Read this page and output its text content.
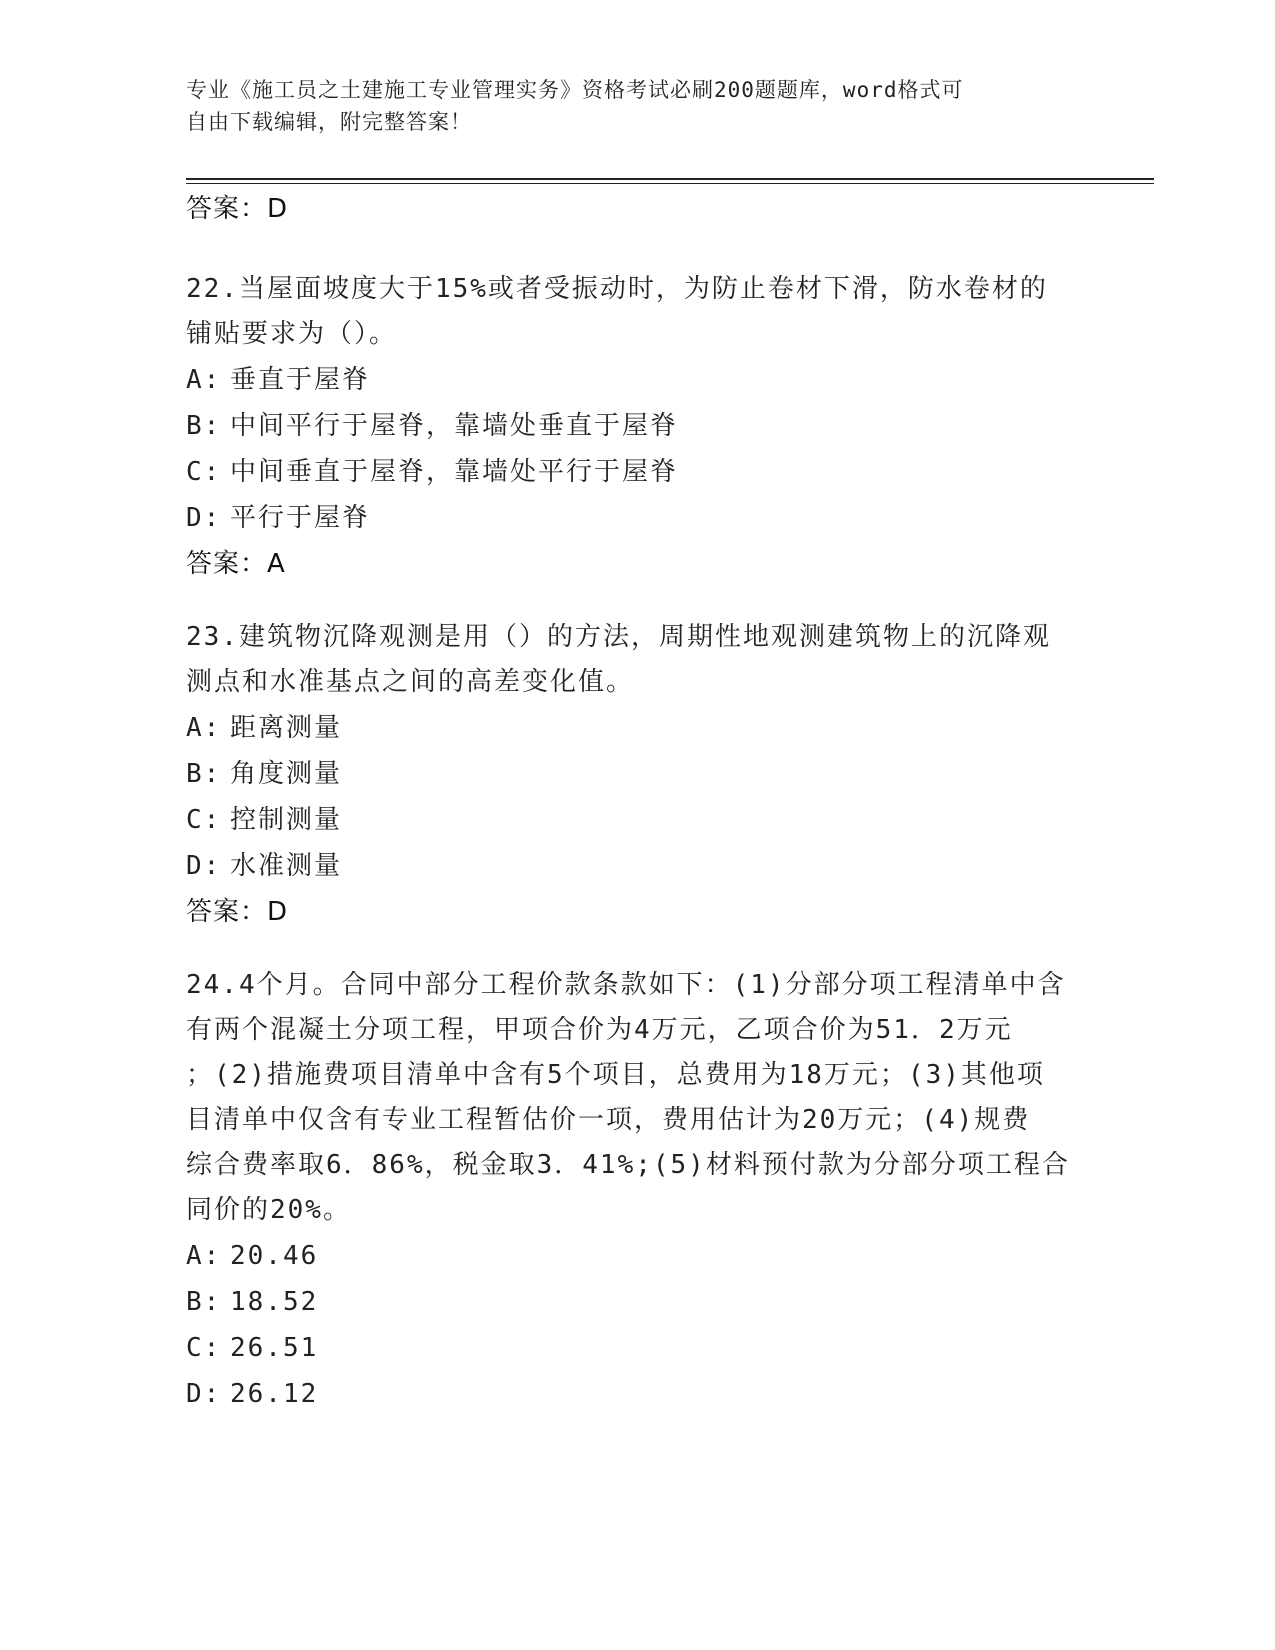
专业《施工员之土建施工专业管理实务》资格考试必刷200题题库，word格式可
自由下载编辑，附完整答案！
答案：D

22.当屋面坡度大于15%或者受振动时，为防止卷材下滑，防水卷材的

铺贴要求为（）。

A: 垂直于屋脊
B: 中间平行于屋脊，靠墙处垂直于屋脊
C: 中间垂直于屋脊，靠墙处平行于屋脊
D: 平行于屋脊
答案：A

23.建筑物沉降观测是用（）的方法，周期性地观测建筑物上的沉降观

测点和水准基点之间的高差变化值。

A: 距离测量
B: 角度测量
C: 控制测量
D: 水准测量
答案：D

24.4个月。合同中部分工程价款条款如下：(1)分部分项工程清单中含

有两个混凝土分项工程，甲项合价为4万元，乙项合价为51．2万元

；(2)措施费项目清单中含有5个项目，总费用为18万元；(3)其他项

目清单中仅含有专业工程暂估价一项，费用估计为20万元；(4)规费

综合费率取6．86%，税金取3．41%;(5)材料预付款为分部分项工程合

同价的20%。

A: 20.46
B: 18.52
C: 26.51
D: 26.12
